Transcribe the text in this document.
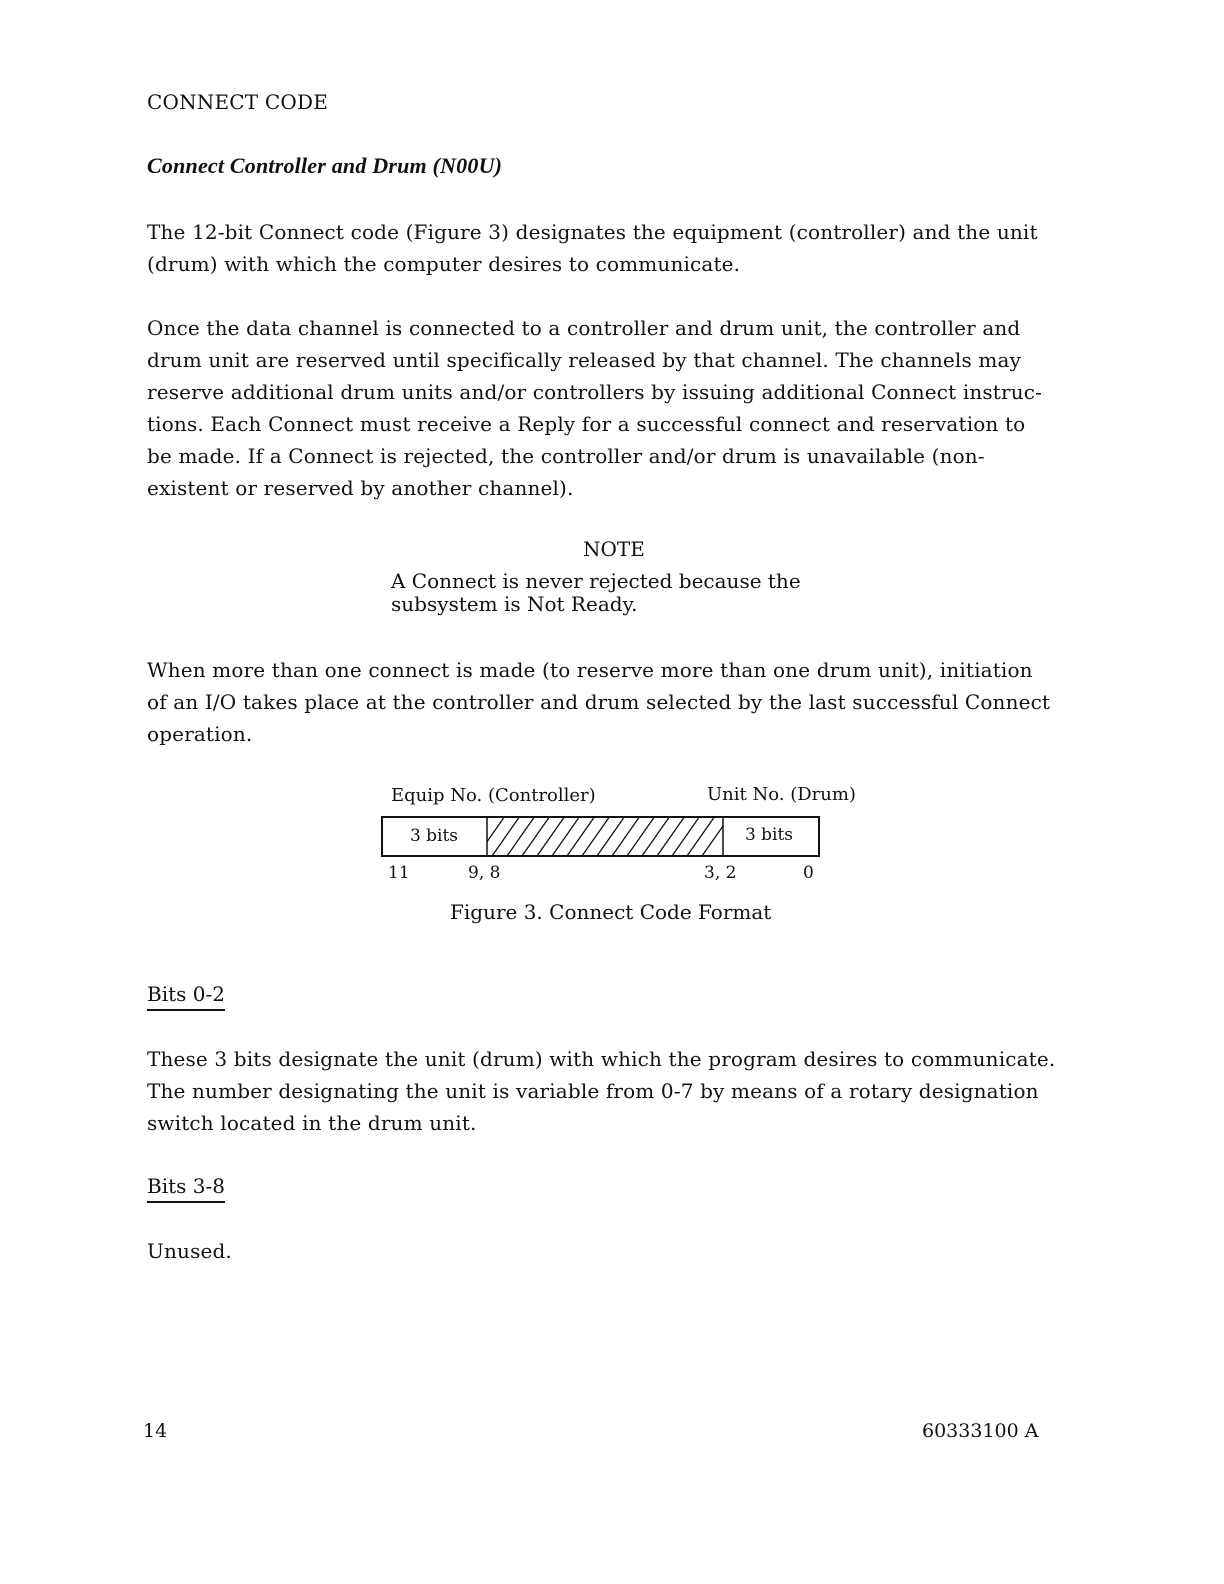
CONNECT CODE
Connect Controller and Drum (N00U)
The 12-bit Connect code (Figure 3) designates the equipment (controller) and the unit
(drum) with which the computer desires to communicate.
Once the data channel is connected to a controller and drum unit, the controller and
drum unit are reserved until specifically released by that channel. The channels may
reserve additional drum units and/or controllers by issuing additional Connect instruc-
tions. Each Connect must receive a Reply for a successful connect and reservation to
be made. If a Connect is rejected, the controller and/or drum is unavailable (non-
existent or reserved by another channel).
NOTE
A Connect is never rejected because the
subsystem is Not Ready.
When more than one connect is made (to reserve more than one drum unit), initiation
of an I/O takes place at the controller and drum selected by the last successful Connect
operation.
Equip No. (Controller)	Unit No. (Drum)
3 bits	3 bits
11	9, 8	3, 2	0
Figure 3. Connect Code Format
Bits 0-2
These 3 bits designate the unit (drum) with which the program desires to communicate.
The number designating the unit is variable from 0-7 by means of a rotary designation
switch located in the drum unit.
Bits 3-8
Unused.
14	60333100 A
